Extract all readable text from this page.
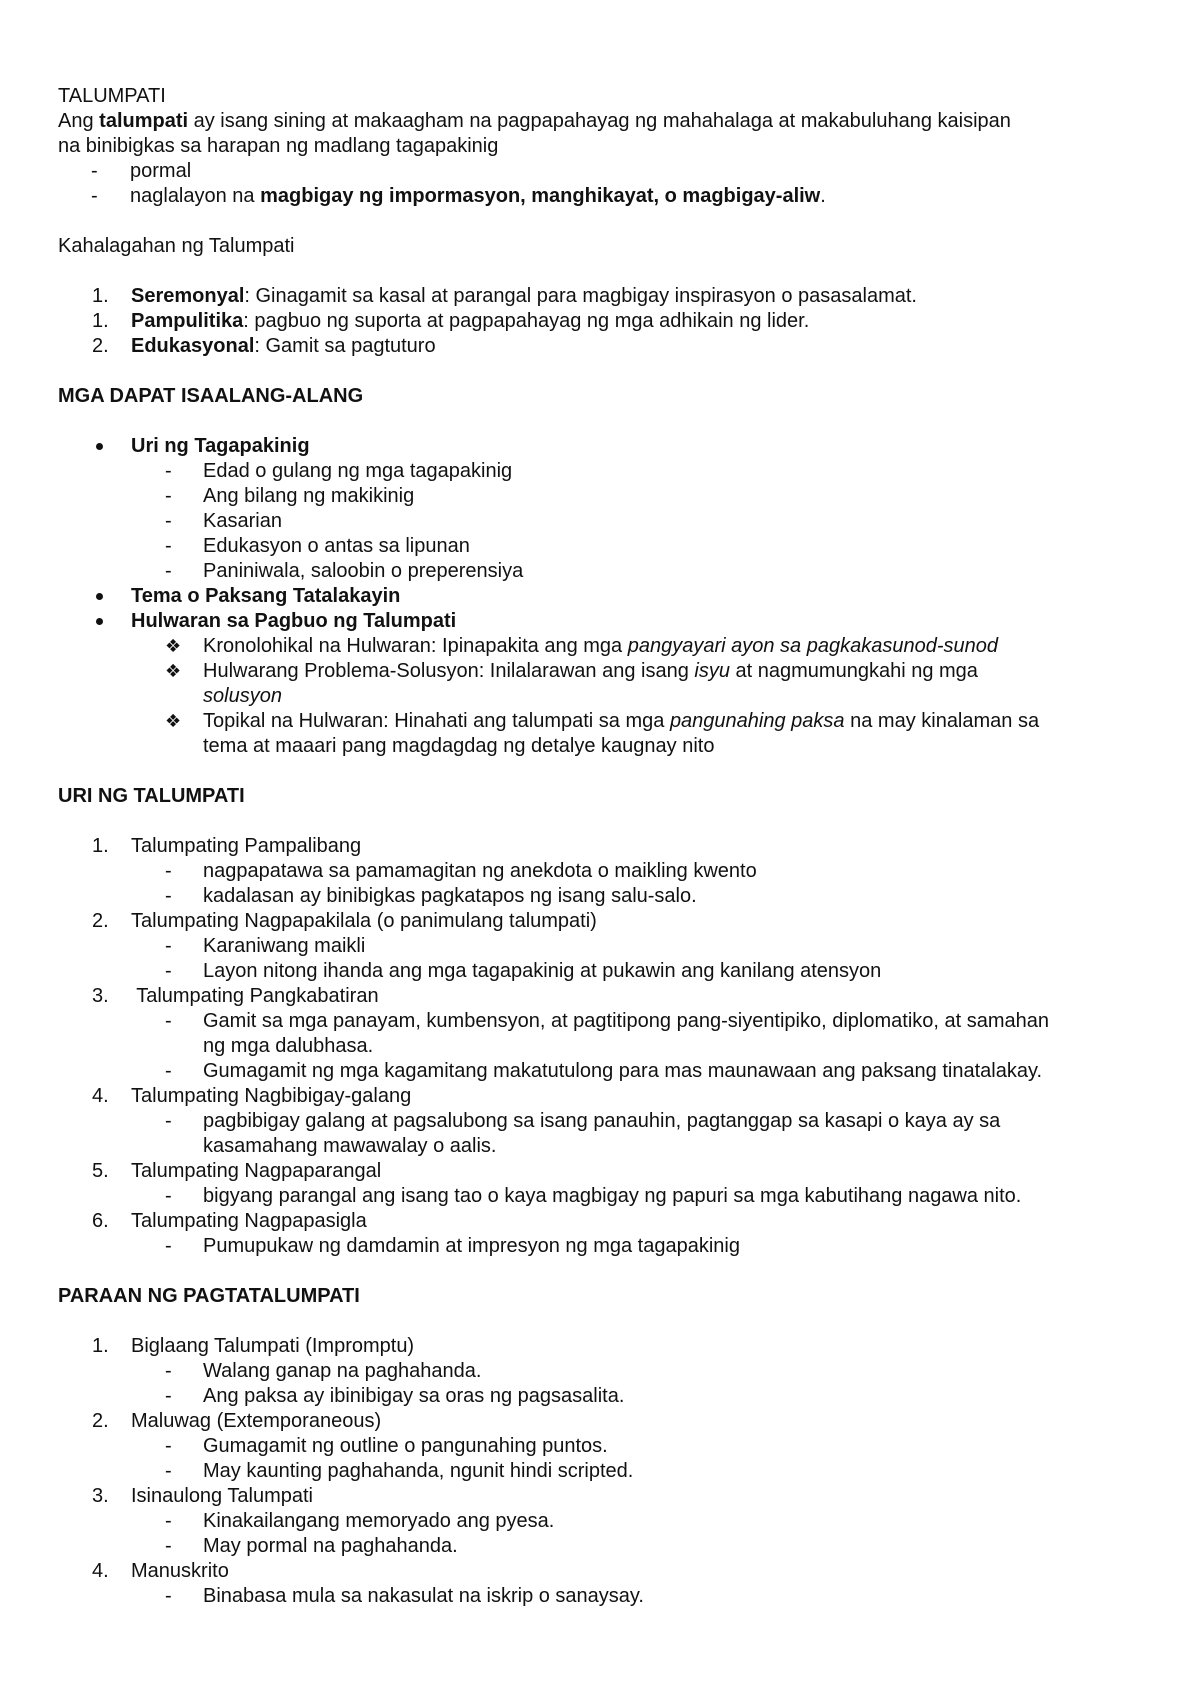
TALUMPATI
Ang talumpati ay isang sining at makaagham na pagpapahayag ng mahahalaga at makabuluhang kaisipan
na binibigkas sa harapan ng madlang tagapakinig
-	pormal
-	naglalayon na magbigay ng impormasyon, manghikayat, o magbigay-aliw.
Kahalagahan ng Talumpati
1.	Seremonyal: Ginagamit sa kasal at parangal para magbigay inspirasyon o pasasalamat.
1.	Pampulitika: pagbuo ng suporta at pagpapahayag ng mga adhikain ng lider.
2.	Edukasyonal: Gamit sa pagtuturo
MGA DAPAT ISAALANG-ALANG
Uri ng Tagapakinig
-	Edad o gulang ng mga tagapakinig
-	Ang bilang ng makikinig
-	Kasarian
-	Edukasyon o antas sa lipunan
-	Paniniwala, saloobin o preperensiya
Tema o Paksang Tatalakayin
Hulwaran sa Pagbuo ng Talumpati
❖	Kronolohikal na Hulwaran: Ipinapakita ang mga pangyayari ayon sa pagkakasunod-sunod
❖	Hulwarang Problema-Solusyon: Inilalarawan ang isang isyu at nagmumungkahi ng mga
solusyon
❖	Topikal na Hulwaran: Hinahati ang talumpati sa mga pangunahing paksa na may kinalaman sa
tema at maaari pang magdagdag ng detalye kaugnay nito
URI NG TALUMPATI
1.	Talumpating Pampalibang
-	nagpapatawa sa pamamagitan ng anekdota o maikling kwento
-	kadalasan ay binibigkas pagkatapos ng isang salu-salo.
2.	Talumpating Nagpapakilala (o panimulang talumpati)
-	Karaniwang maikli
-	Layon nitong ihanda ang mga tagapakinig at pukawin ang kanilang atensyon
3.	Talumpating Pangkabatiran
-	Gamit sa mga panayam, kumbensyon, at pagtitipong pang-siyentipiko, diplomatiko, at samahan
ng mga dalubhasa.
-	Gumagamit ng mga kagamitang makatutulong para mas maunawaan ang paksang tinatalakay.
4.	Talumpating Nagbibigay-galang
-	pagbibigay galang at pagsalubong sa isang panauhin, pagtanggap sa kasapi o kaya ay sa
kasamahang mawawalay o aalis.
5.	Talumpating Nagpaparangal
-	bigyang parangal ang isang tao o kaya magbigay ng papuri sa mga kabutihang nagawa nito.
6.	Talumpating Nagpapasigla
-	Pumupukaw ng damdamin at impresyon ng mga tagapakinig
PARAAN NG PAGTATALUMPATI
1.	Biglaang Talumpati (Impromptu)
-	Walang ganap na paghahanda.
-	Ang paksa ay ibinibigay sa oras ng pagsasalita.
2.	Maluwag (Extemporaneous)
-	Gumagamit ng outline o pangunahing puntos.
-	May kaunting paghahanda, ngunit hindi scripted.
3.	Isinaulong Talumpati
-	Kinakailangang memoryado ang pyesa.
-	May pormal na paghahanda.
4.	Manuskrito
-	Binabasa mula sa nakasulat na iskrip o sanaysay.
